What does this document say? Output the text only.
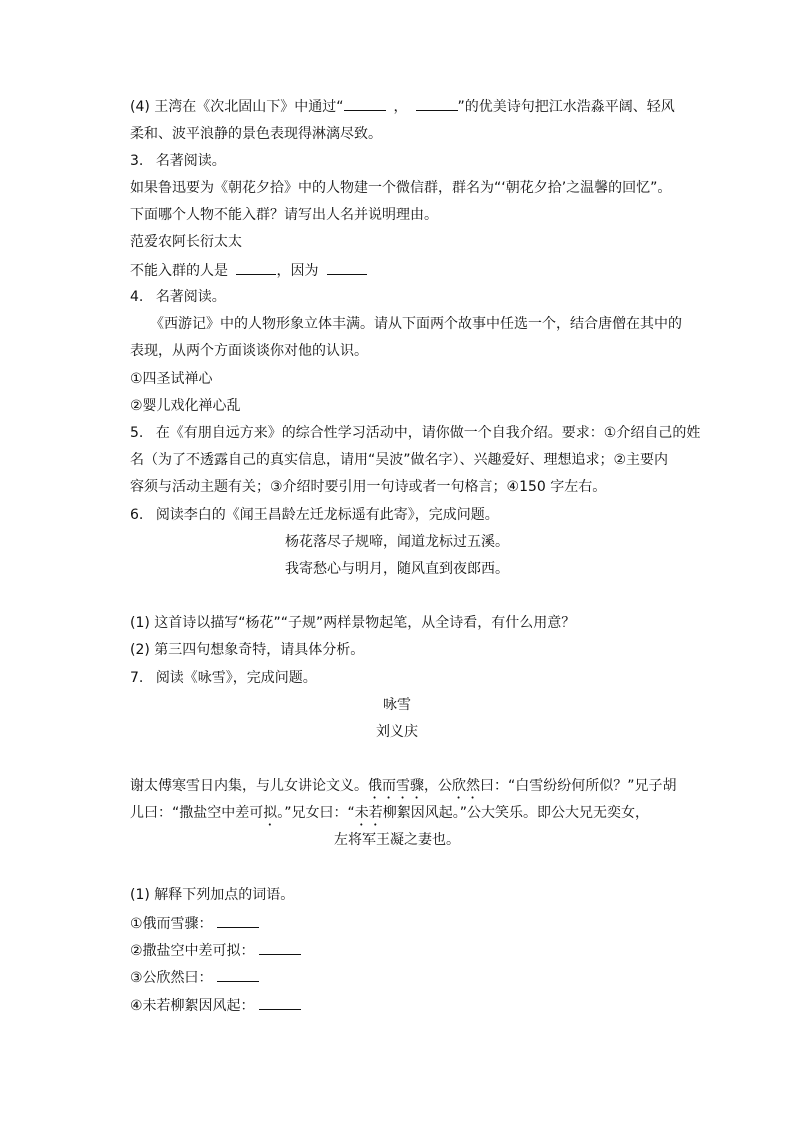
(4) 王湾在《次北固山下》中通过“	，	”的优美诗句把江水浩淼平阔、轻风
柔和、波平浪静的景色表现得淋漓尽致。
3. 名著阅读。
如果鲁迅要为《朝花夕拾》中的人物建一个微信群，群名为“‘朝花夕拾’之温馨的回忆”。
下面哪个人物不能入群？请写出人名并说明理由。
范爱农阿长衍太太
不能入群的人是	，因为
4. 名著阅读。
《西游记》中的人物形象立体丰满。请从下面两个故事中任选一个，结合唐僧在其中的
表现，从两个方面谈谈你对他的认识。
①四圣试禅心
②婴儿戏化禅心乱
5. 在《有朋自远方来》的综合性学习活动中，请你做一个自我介绍。要求：①介绍自己的姓
名（为了不透露自己的真实信息，请用“吴波”做名字）、兴趣爱好、理想追求；②主要内
容须与活动主题有关；③介绍时要引用一句诗或者一句格言；④150 字左右。
6. 阅读李白的《闻王昌龄左迁龙标遥有此寄》，完成问题。
杨花落尽子规啼，闻道龙标过五溪。
我寄愁心与明月，随风直到夜郎西。
(1) 这首诗以描写“杨花”“子规”两样景物起笔，从全诗看，有什么用意？
(2) 第三四句想象奇特，请具体分析。
7. 阅读《咏雪》，完成问题。
咏雪
刘义庆
谢太傅寒雪日内集，与儿女讲论文义。俄而雪骤，公欣然曰：“白雪纷纷何所似？”兄子胡
儿曰：“撒盐空中差可拟。”兄女曰：“未若柳絮因风起。”公大笑乐。即公大兄无奕女，
左将军王凝之妻也。
(1) 解释下列加点的词语。
①俄而雪骤：
②撒盐空中差可拟：
③公欣然曰：
④未若柳絮因风起：
